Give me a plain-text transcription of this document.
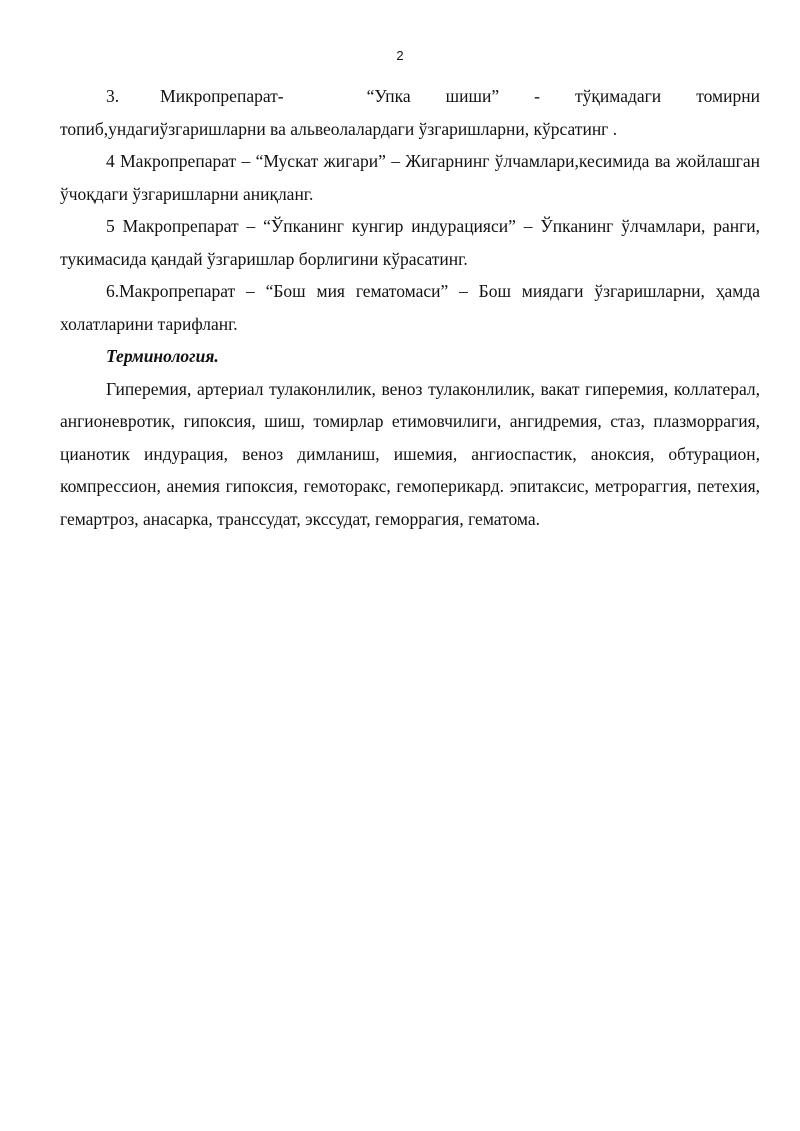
2
3. Микропрепарат-	“Упка шиши” - тўқимадаги томирни
топиб,ундагиўзгаришларни ва альвеолалардаги ўзгаришларни, кўрсатинг .

4 Макропрепарат – “Мускат жигари” – Жигарнинг ўлчамлари,кесимида ва жойлашган ўчоқдаги ўзгаришларни аниқланг.

5 Макропрепарат – “Ўпканинг кунгир индурацияси” – Ўпканинг ўлчамлари, ранги, тукимасида қандай ўзгаришлар борлигини кўрасатинг.

6.Макропрепарат – “Бош мия гематомаси” – Бош миядаги ўзгаришларни, ҳамда холатларини тарифланг.

Терминология.

Гиперемия, артериал тулаконлилик, веноз тулаконлилик, вакат гиперемия, коллатерал, ангионевротик, гипоксия, шиш, томирлар етимовчилиги, ангидремия, стаз, плазморрагия, цианотик индурация, веноз димланиш, ишемия, ангиоспастик, аноксия, обтурацион, компрессион, анемия гипоксия, гемоторакс, гемоперикард. эпитаксис, метрораггия, петехия, гемартроз, анасарка, транссудат, экссудат, геморрагия, гематома.
